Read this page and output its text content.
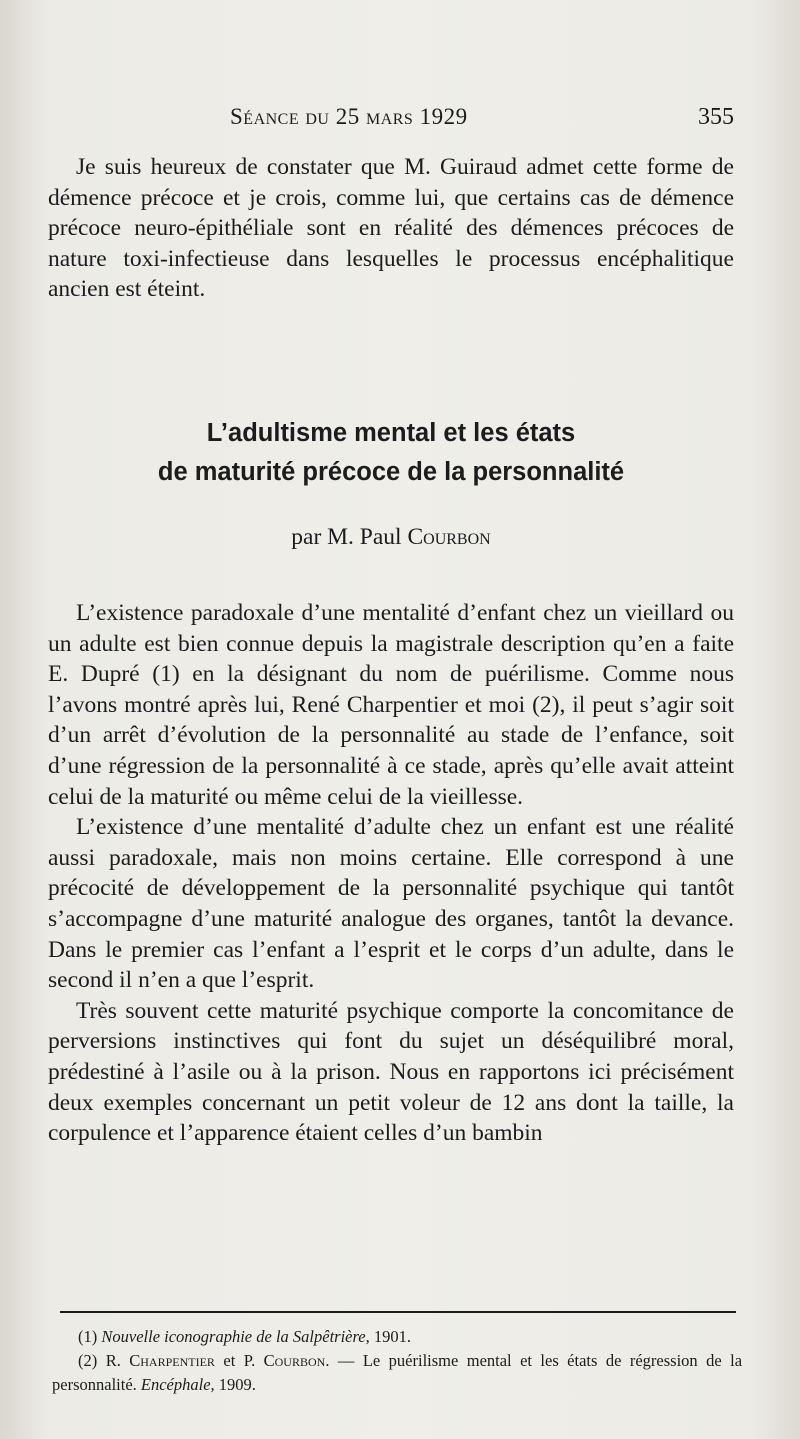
Séance du 25 mars 1929	355

Je suis heureux de constater que M. Guiraud admet cette forme de démence précoce et je crois, comme lui, que certains cas de démence précoce neuro-épithéliale sont en réalité des démences précoces de nature toxi-infectieuse dans lesquelles le processus encéphalitique ancien est éteint.

L’adultisme mental et les états
de maturité précoce de la personnalité
par M. Paul Courbon

L’existence paradoxale d’une mentalité d’enfant chez un vieillard ou un adulte est bien connue depuis la magistrale description qu’en a faite E. Dupré (1) en la désignant du nom de puérilisme. Comme nous l’avons montré après lui, René Charpentier et moi (2), il peut s’agir soit d’un arrêt d’évolution de la personnalité au stade de l’enfance, soit d’une régression de la personnalité à ce stade, après qu’elle avait atteint celui de la maturité ou même celui de la vieillesse.

L’existence d’une mentalité d’adulte chez un enfant est une réalité aussi paradoxale, mais non moins certaine. Elle correspond à une précocité de développement de la personnalité psychique qui tantôt s’accompagne d’une maturité analogue des organes, tantôt la devance. Dans le premier cas l’enfant a l’esprit et le corps d’un adulte, dans le second il n’en a que l’esprit.

Très souvent cette maturité psychique comporte la concomitance de perversions instinctives qui font du sujet un déséquilibré moral, prédestiné à l’asile ou à la prison. Nous en rapportons ici précisément deux exemples concernant un petit voleur de 12 ans dont la taille, la corpulence et l’apparence étaient celles d’un bambin

(1) Nouvelle iconographie de la Salpêtrière, 1901.

(2) R. Charpentier et P. Courbon. — Le puérilisme mental et les états de régression de la personnalité. Encéphale, 1909.
